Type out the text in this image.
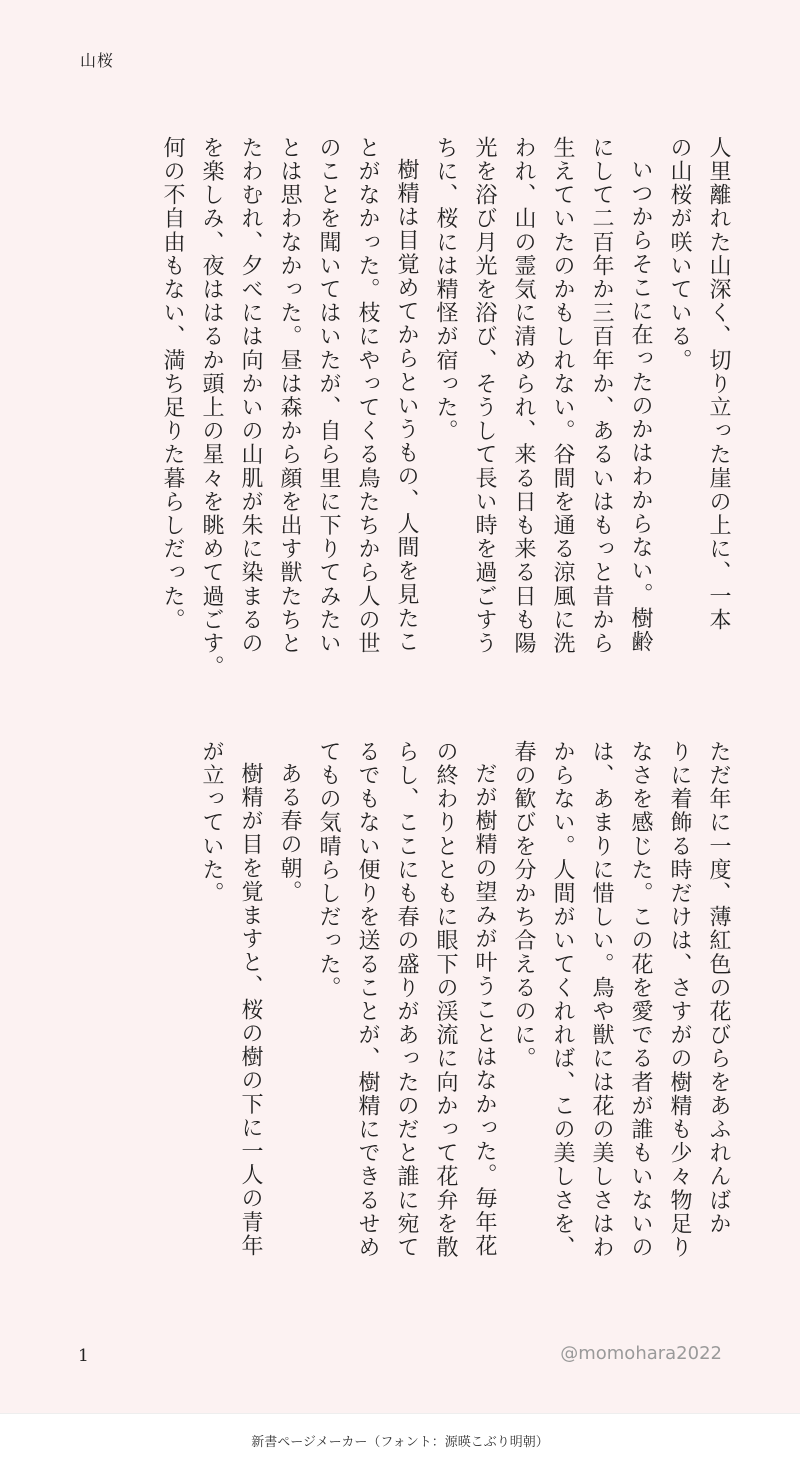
山桜

人里離れた山深く、切り立った崖の上に、一本

の山桜が咲いている。

いつからそこに在ったのかはわからない。樹齢

にして二百年か三百年か、あるいはもっと昔から

生えていたのかもしれない。谷間を通る涼風に洗

われ、山の霊気に清められ、来る日も来る日も陽

光を浴び月光を浴び、そうして長い時を過ごすう

ちに、桜には精怪が宿った。

樹精は目覚めてからというもの、人間を見たこ

とがなかった。枝にやってくる鳥たちから人の世

のことを聞いてはいたが、自ら里に下りてみたい

とは思わなかった。昼は森から顔を出す獣たちと

たわむれ、夕べには向かいの山肌が朱に染まるの

を楽しみ、夜ははるか頭上の星々を眺めて過ごす。

何の不自由もない、満ち足りた暮らしだった。

ただ年に一度、薄紅色の花びらをあふれんばか

りに着飾る時だけは、さすがの樹精も少々物足り

なさを感じた。この花を愛でる者が誰もいないの

は、あまりに惜しい。鳥や獣には花の美しさはわ

からない。人間がいてくれれば、この美しさを、

春の歓びを分かち合えるのに。

だが樹精の望みが叶うことはなかった。毎年花

の終わりとともに眼下の渓流に向かって花弁を散

らし、ここにも春の盛りがあったのだと誰に宛て

るでもない便りを送ることが、樹精にできるせめ

てもの気晴らしだった。

ある春の朝。

樹精が目を覚ますと、桜の樹の下に一人の青年

が立っていた。

1	@momohara2022
新書ページメーカー（フォント：源暎こぶり明朝）
